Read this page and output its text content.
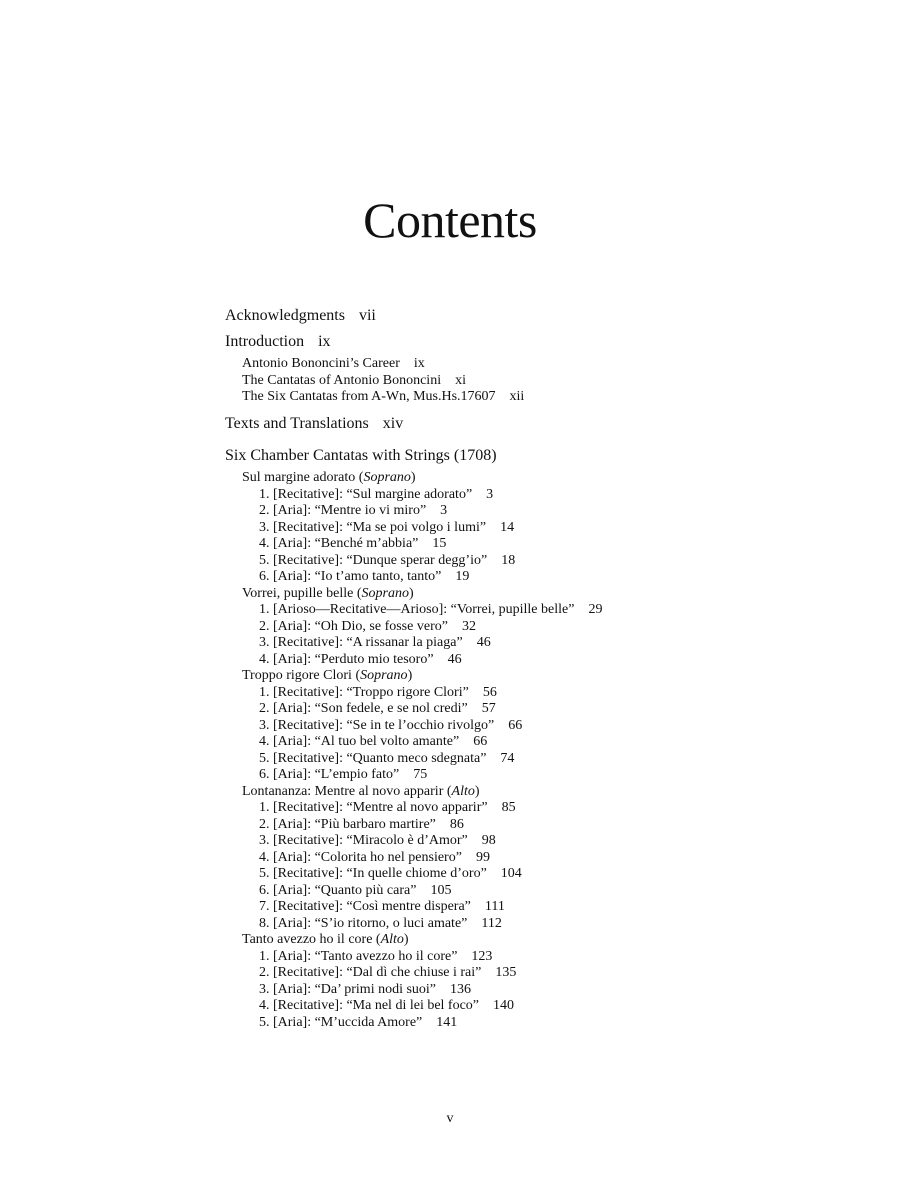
Contents
Acknowledgments vii
Introduction ix
Antonio Bononcini’s Career ix
The Cantatas of Antonio Bononcini xi
The Six Cantatas from A-Wn, Mus.Hs.17607 xii
Texts and Translations xiv
Six Chamber Cantatas with Strings (1708)
Sul margine adorato (Soprano)
1. [Recitative]: “Sul margine adorato” 3
2. [Aria]: “Mentre io vi miro” 3
3. [Recitative]: “Ma se poi volgo i lumi” 14
4. [Aria]: “Benché m’abbia” 15
5. [Recitative]: “Dunque sperar degg’io” 18
6. [Aria]: “Io t’amo tanto, tanto” 19
Vorrei, pupille belle (Soprano)
1. [Arioso—Recitative—Arioso]: “Vorrei, pupille belle” 29
2. [Aria]: “Oh Dio, se fosse vero” 32
3. [Recitative]: “A rissanar la piaga” 46
4. [Aria]: “Perduto mio tesoro” 46
Troppo rigore Clori (Soprano)
1. [Recitative]: “Troppo rigore Clori” 56
2. [Aria]: “Son fedele, e se nol credi” 57
3. [Recitative]: “Se in te l’occhio rivolgo” 66
4. [Aria]: “Al tuo bel volto amante” 66
5. [Recitative]: “Quanto meco sdegnata” 74
6. [Aria]: “L’empio fato” 75
Lontananza: Mentre al novo apparir (Alto)
1. [Recitative]: “Mentre al novo apparir” 85
2. [Aria]: “Più barbaro martire” 86
3. [Recitative]: “Miracolo è d’Amor” 98
4. [Aria]: “Colorita ho nel pensiero” 99
5. [Recitative]: “In quelle chiome d’oro” 104
6. [Aria]: “Quanto più cara” 105
7. [Recitative]: “Così mentre dispera” 111
8. [Aria]: “S’io ritorno, o luci amate” 112
Tanto avezzo ho il core (Alto)
1. [Aria]: “Tanto avezzo ho il core” 123
2. [Recitative]: “Dal dì che chiuse i rai” 135
3. [Aria]: “Da’ primi nodi suoi” 136
4. [Recitative]: “Ma nel di lei bel foco” 140
5. [Aria]: “M’uccida Amore” 141
v
